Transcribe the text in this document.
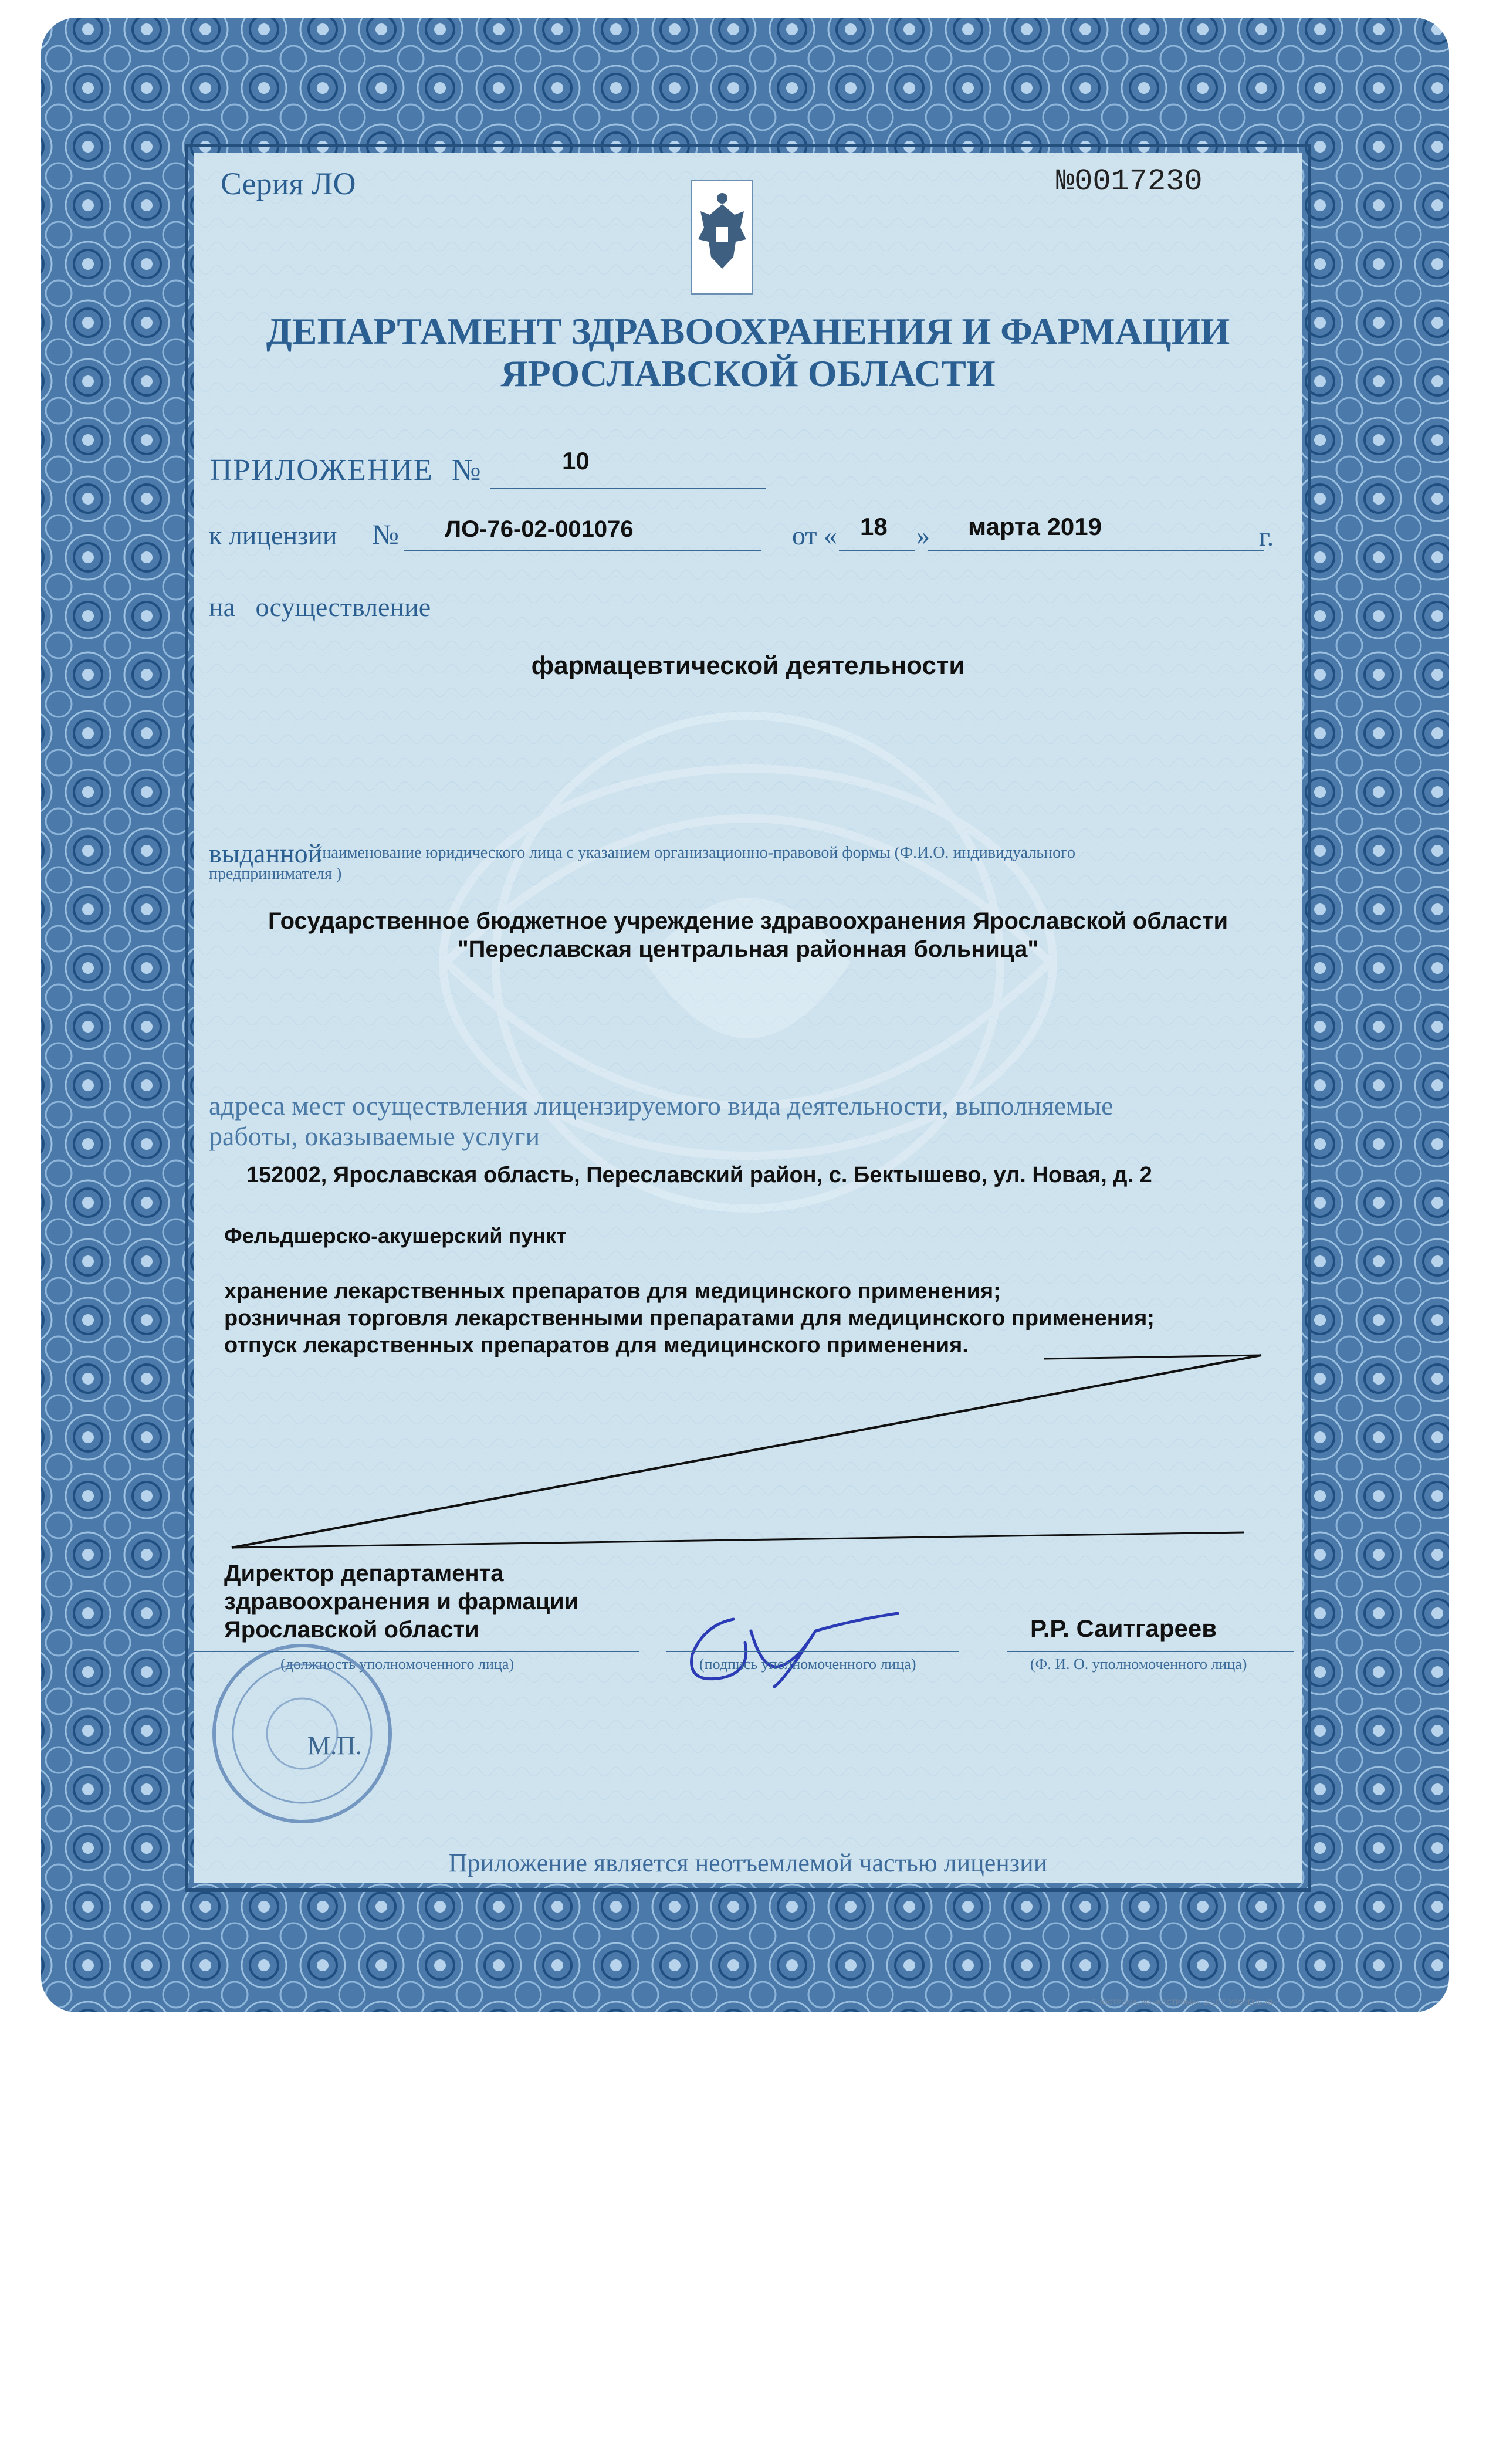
Серия ЛО	№0017230
ДЕПАРТАМЕНТ ЗДРАВООХРАНЕНИЯ И ФАРМАЦИИ
ЯРОСЛАВСКОЙ ОБЛАСТИ
ПРИЛОЖЕНИЕ №	10
к лицензии № ЛО-76-02-001076	от « 18 » марта 2019	г.
на   осуществление
фармацевтической деятельности
выданной
(наименование юридического лица с указанием организационно-правовой формы (Ф.И.О. индивидуального
предпринимателя )
Государственное бюджетное учреждение здравоохранения Ярославской области
"Переславская центральная районная больница"
адреса мест осуществления лицензируемого вида деятельности, выполняемые
работы, оказываемые услуги
152002, Ярославская область, Переславский район, с. Бектышево, ул. Новая, д. 2
Фельдшерско-акушерский пункт
хранение лекарственных препаратов для медицинского применения;
розничная торговля лекарственными препаратами для медицинского применения;
отпуск лекарственных препаратов для медицинского применения.
Директор департамента
здравоохранения и фармации
Ярославской области
(должность уполномоченного лица)	(подпись уполномоченного лица)
Р.Р. Саитгареев
(Ф. И. О. уполномоченного лица)
М.П.
Приложение является неотъемлемой частью лицензии
Г. КОСТРОМА, АО «КОСТРОМА», 2018 Г. УРОВЕНЬ «В»
